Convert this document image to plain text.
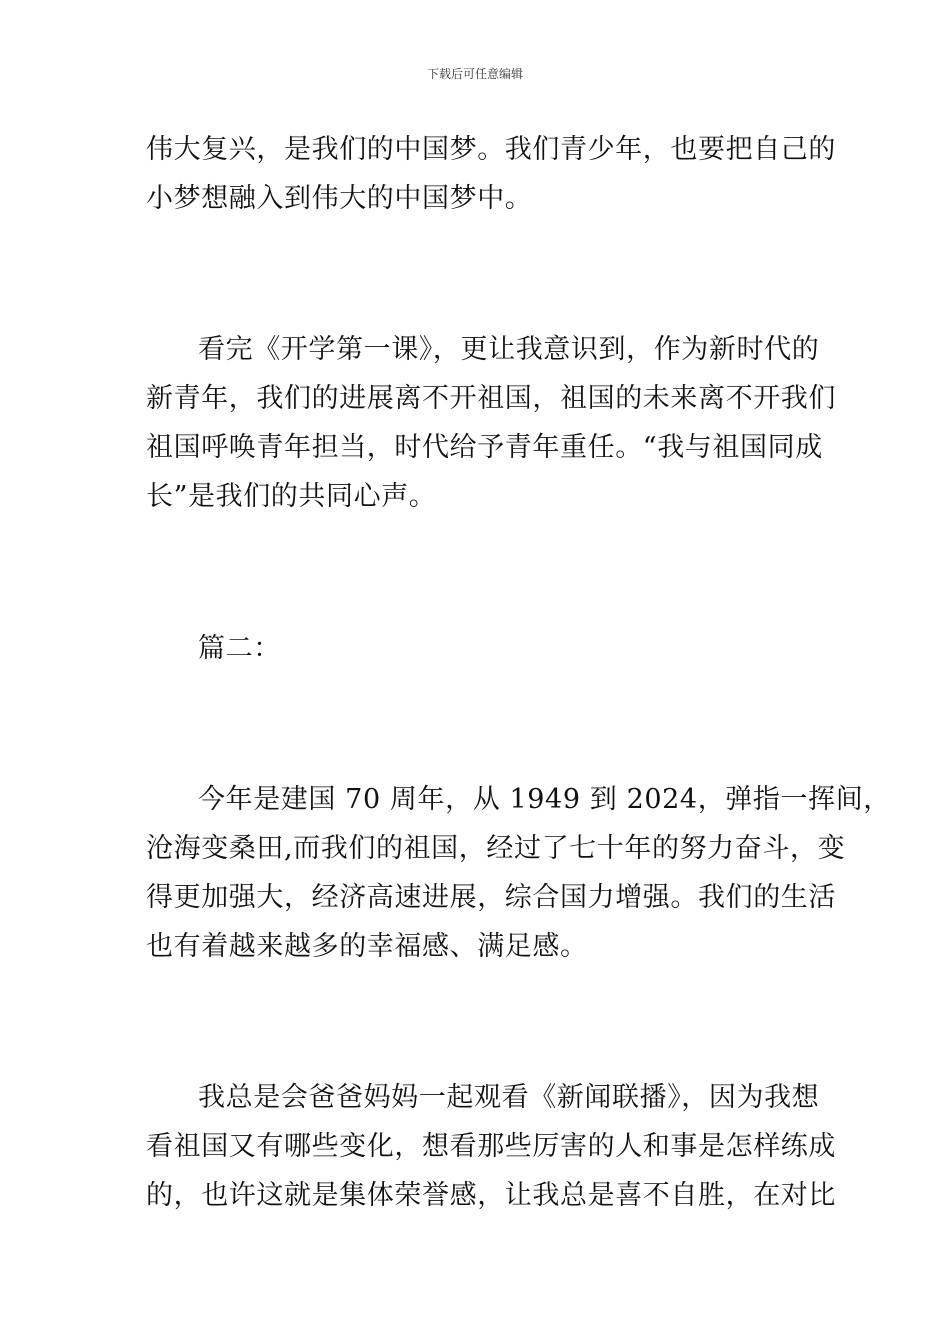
下载后可任意编辑
伟大复兴，是我们的中国梦。我们青少年，也要把自己的
小梦想融入到伟大的中国梦中。
看完《开学第一课》，更让我意识到，作为新时代的
新青年，我们的进展离不开祖国，祖国的未来离不开我们
祖国呼唤青年担当，时代给予青年重任。“我与祖国同成
长”是我们的共同心声。
篇二：
今年是建国 70 周年，从 1949 到 2024，弹指一挥间，
沧海变桑田,而我们的祖国，经过了七十年的努力奋斗，变
得更加强大，经济高速进展，综合国力增强。我们的生活
也有着越来越多的幸福感、满足感。
我总是会爸爸妈妈一起观看《新闻联播》，因为我想
看祖国又有哪些变化，想看那些厉害的人和事是怎样练成
的，也许这就是集体荣誉感，让我总是喜不自胜，在对比
